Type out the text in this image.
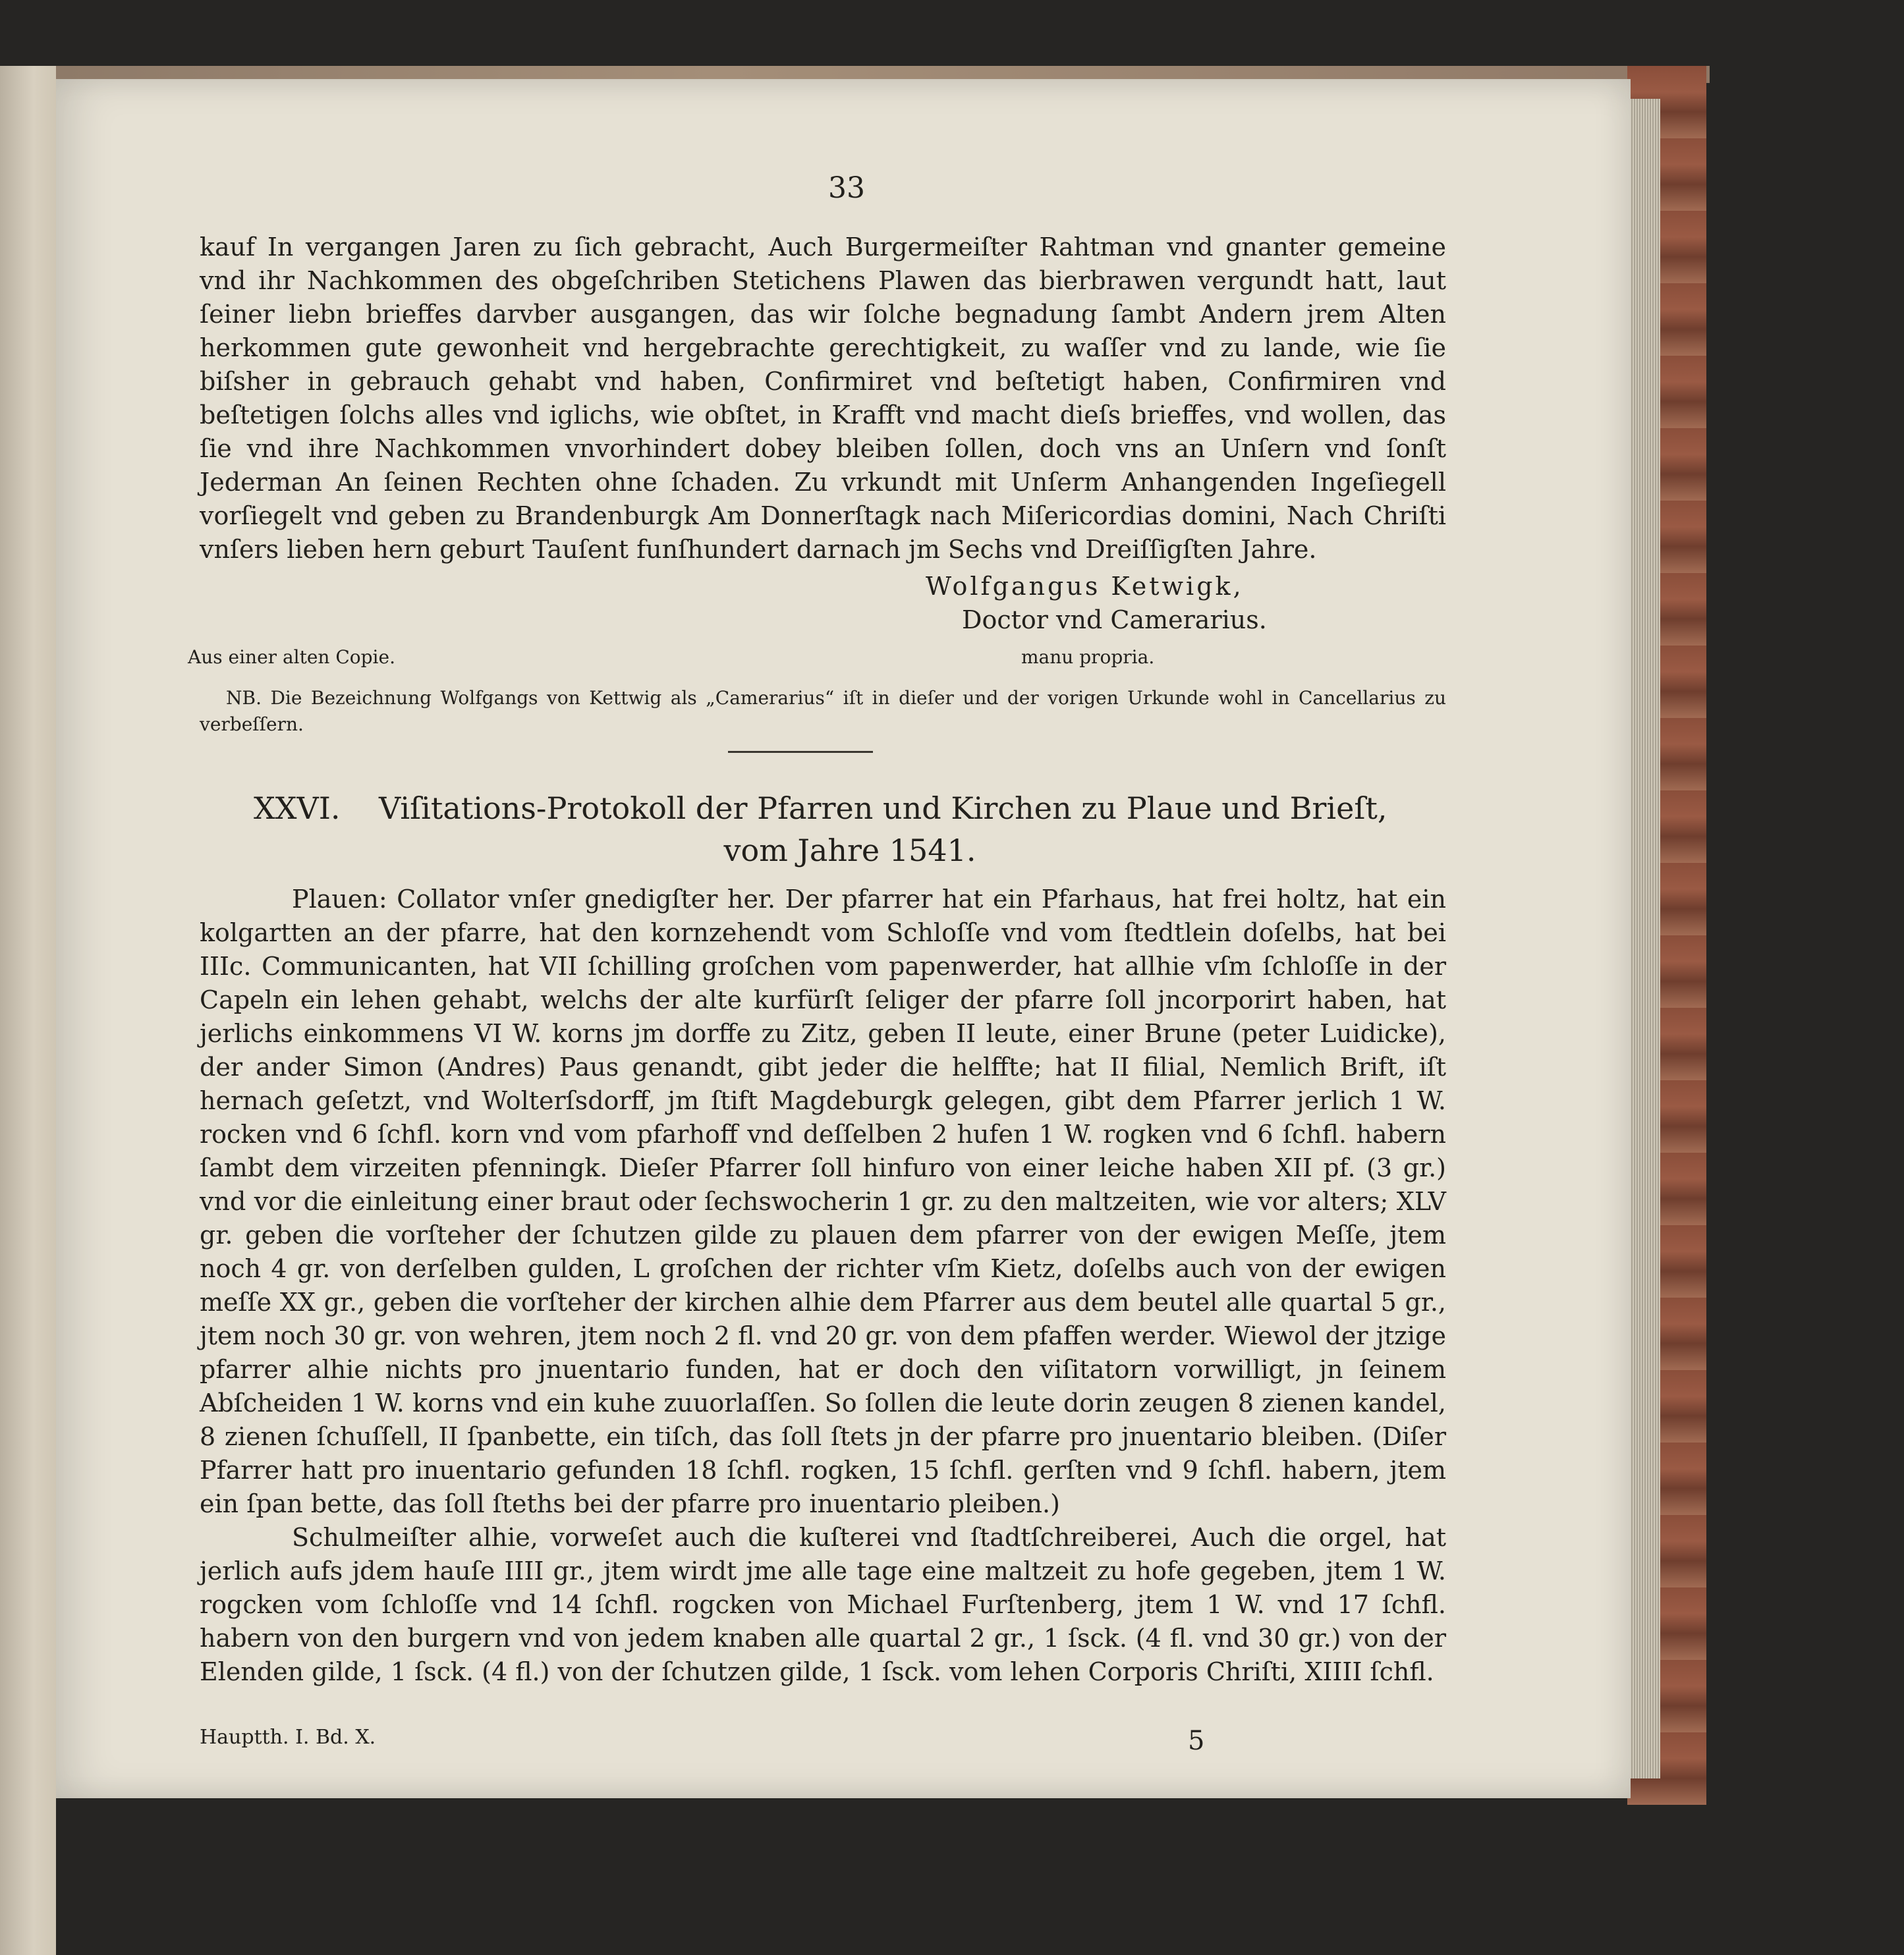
33

kauf In vergangen Jaren zu ſich gebracht, Auch Burgermeiſter Rahtman vnd gnanter gemeine vnd ihr Nachkommen des obgeſchriben Stetichens Plawen das bierbrawen vergundt hatt, laut ſeiner liebn brieffes darvber ausgangen, das wir ſolche begnadung ſambt Andern jrem Alten herkommen gute gewonheit vnd hergebrachte gerechtigkeit, zu waſſer vnd zu lande, wie ſie biſsher in gebrauch gehabt vnd haben, Confirmiret vnd beſtetigt haben, Confirmiren vnd beſtetigen ſolchs alles vnd iglichs, wie obſtet, in Krafft vnd macht dieſs brieffes, vnd wollen, das ſie vnd ihre Nachkommen vnvorhindert dobey bleiben ſollen, doch vns an Unſern vnd ſonſt Jederman An ſeinen Rechten ohne ſchaden. Zu vrkundt mit Unſerm Anhangenden Ingeſiegell vorſiegelt vnd geben zu Brandenburgk Am Donnerſtagk nach Miſericordias domini, Nach Chriſti vnſers lieben hern geburt Tauſent funſhundert darnach jm Sechs vnd Dreiſſigſten Jahre.

Wolfgangus Ketwigk,
Doctor vnd Camerarius.
Aus einer alten Copie.	manu propria.
NB. Die Bezeichnung Wolfgangs von Kettwig als „Camerarius“ iſt in dieſer und der vorigen Urkunde wohl in Cancellarius zu verbeſſern.
XXVI. Viſitations-Protokoll der Pfarren und Kirchen zu Plaue und Brieſt,
vom Jahre 1541.

Plauen: Collator vnſer gnedigſter her. Der pfarrer hat ein Pfarhaus, hat frei holtz, hat ein kolgartten an der pfarre, hat den kornzehendt vom Schloſſe vnd vom ſtedtlein doſelbs, hat bei IIIc. Communicanten, hat VII ſchilling groſchen vom papenwerder, hat allhie vſm ſchloſſe in der Capeln ein lehen gehabt, welchs der alte kurfürſt ſeliger der pfarre ſoll jncorporirt haben, hat jerlichs einkommens VI W. korns jm dorffe zu Zitz, geben II leute, einer Brune (peter Luidicke), der ander Simon (Andres) Paus genandt, gibt jeder die helffte; hat II filial, Nemlich Brift, iſt hernach geſetzt, vnd Wolterſsdorff, jm ſtift Magdeburgk gelegen, gibt dem Pfarrer jerlich 1 W. rocken vnd 6 ſchfl. korn vnd vom pfarhoff vnd deſſelben 2 hufen 1 W. rogken vnd 6 ſchfl. habern ſambt dem virzeiten pfenningk. Dieſer Pfarrer ſoll hinfuro von einer leiche haben XII pf. (3 gr.) vnd vor die einleitung einer braut oder ſechswocherin 1 gr. zu den maltzeiten, wie vor alters; XLV gr. geben die vorſteher der ſchutzen gilde zu plauen dem pfarrer von der ewigen Meſſe, jtem noch 4 gr. von derſelben gulden, L groſchen der richter vſm Kietz, doſelbs auch von der ewigen meſſe XX gr., geben die vorſteher der kirchen alhie dem Pfarrer aus dem beutel alle quartal 5 gr., jtem noch 30 gr. von wehren, jtem noch 2 fl. vnd 20 gr. von dem pfaffen werder. Wiewol der jtzige pfarrer alhie nichts pro jnuentario funden, hat er doch den viſitatorn vorwilligt, jn ſeinem Abſcheiden 1 W. korns vnd ein kuhe zuuorlaſſen. So ſollen die leute dorin zeugen 8 zienen kandel, 8 zienen ſchuſſell, II ſpanbette, ein tiſch, das ſoll ſtets jn der pfarre pro jnuentario bleiben. (Diſer Pfarrer hatt pro inuentario gefunden 18 ſchfl. rogken, 15 ſchfl. gerſten vnd 9 ſchfl. habern, jtem ein ſpan bette, das ſoll ſteths bei der pfarre pro inuentario pleiben.)

Schulmeiſter alhie, vorweſet auch die kuſterei vnd ſtadtſchreiberei, Auch die orgel, hat jerlich aufs jdem hauſe IIII gr., jtem wirdt jme alle tage eine maltzeit zu hofe gegeben, jtem 1 W. rogcken vom ſchloſſe vnd 14 ſchfl. rogcken von Michael Furſtenberg, jtem 1 W. vnd 17 ſchfl. habern von den burgern vnd von jedem knaben alle quartal 2 gr., 1 ſsck. (4 fl. vnd 30 gr.) von der Elenden gilde, 1 ſsck. (4 fl.) von der ſchutzen gilde, 1 ſsck. vom lehen Corporis Chriſti, XIIII ſchfl.

Hauptth. I. Bd. X.	5
